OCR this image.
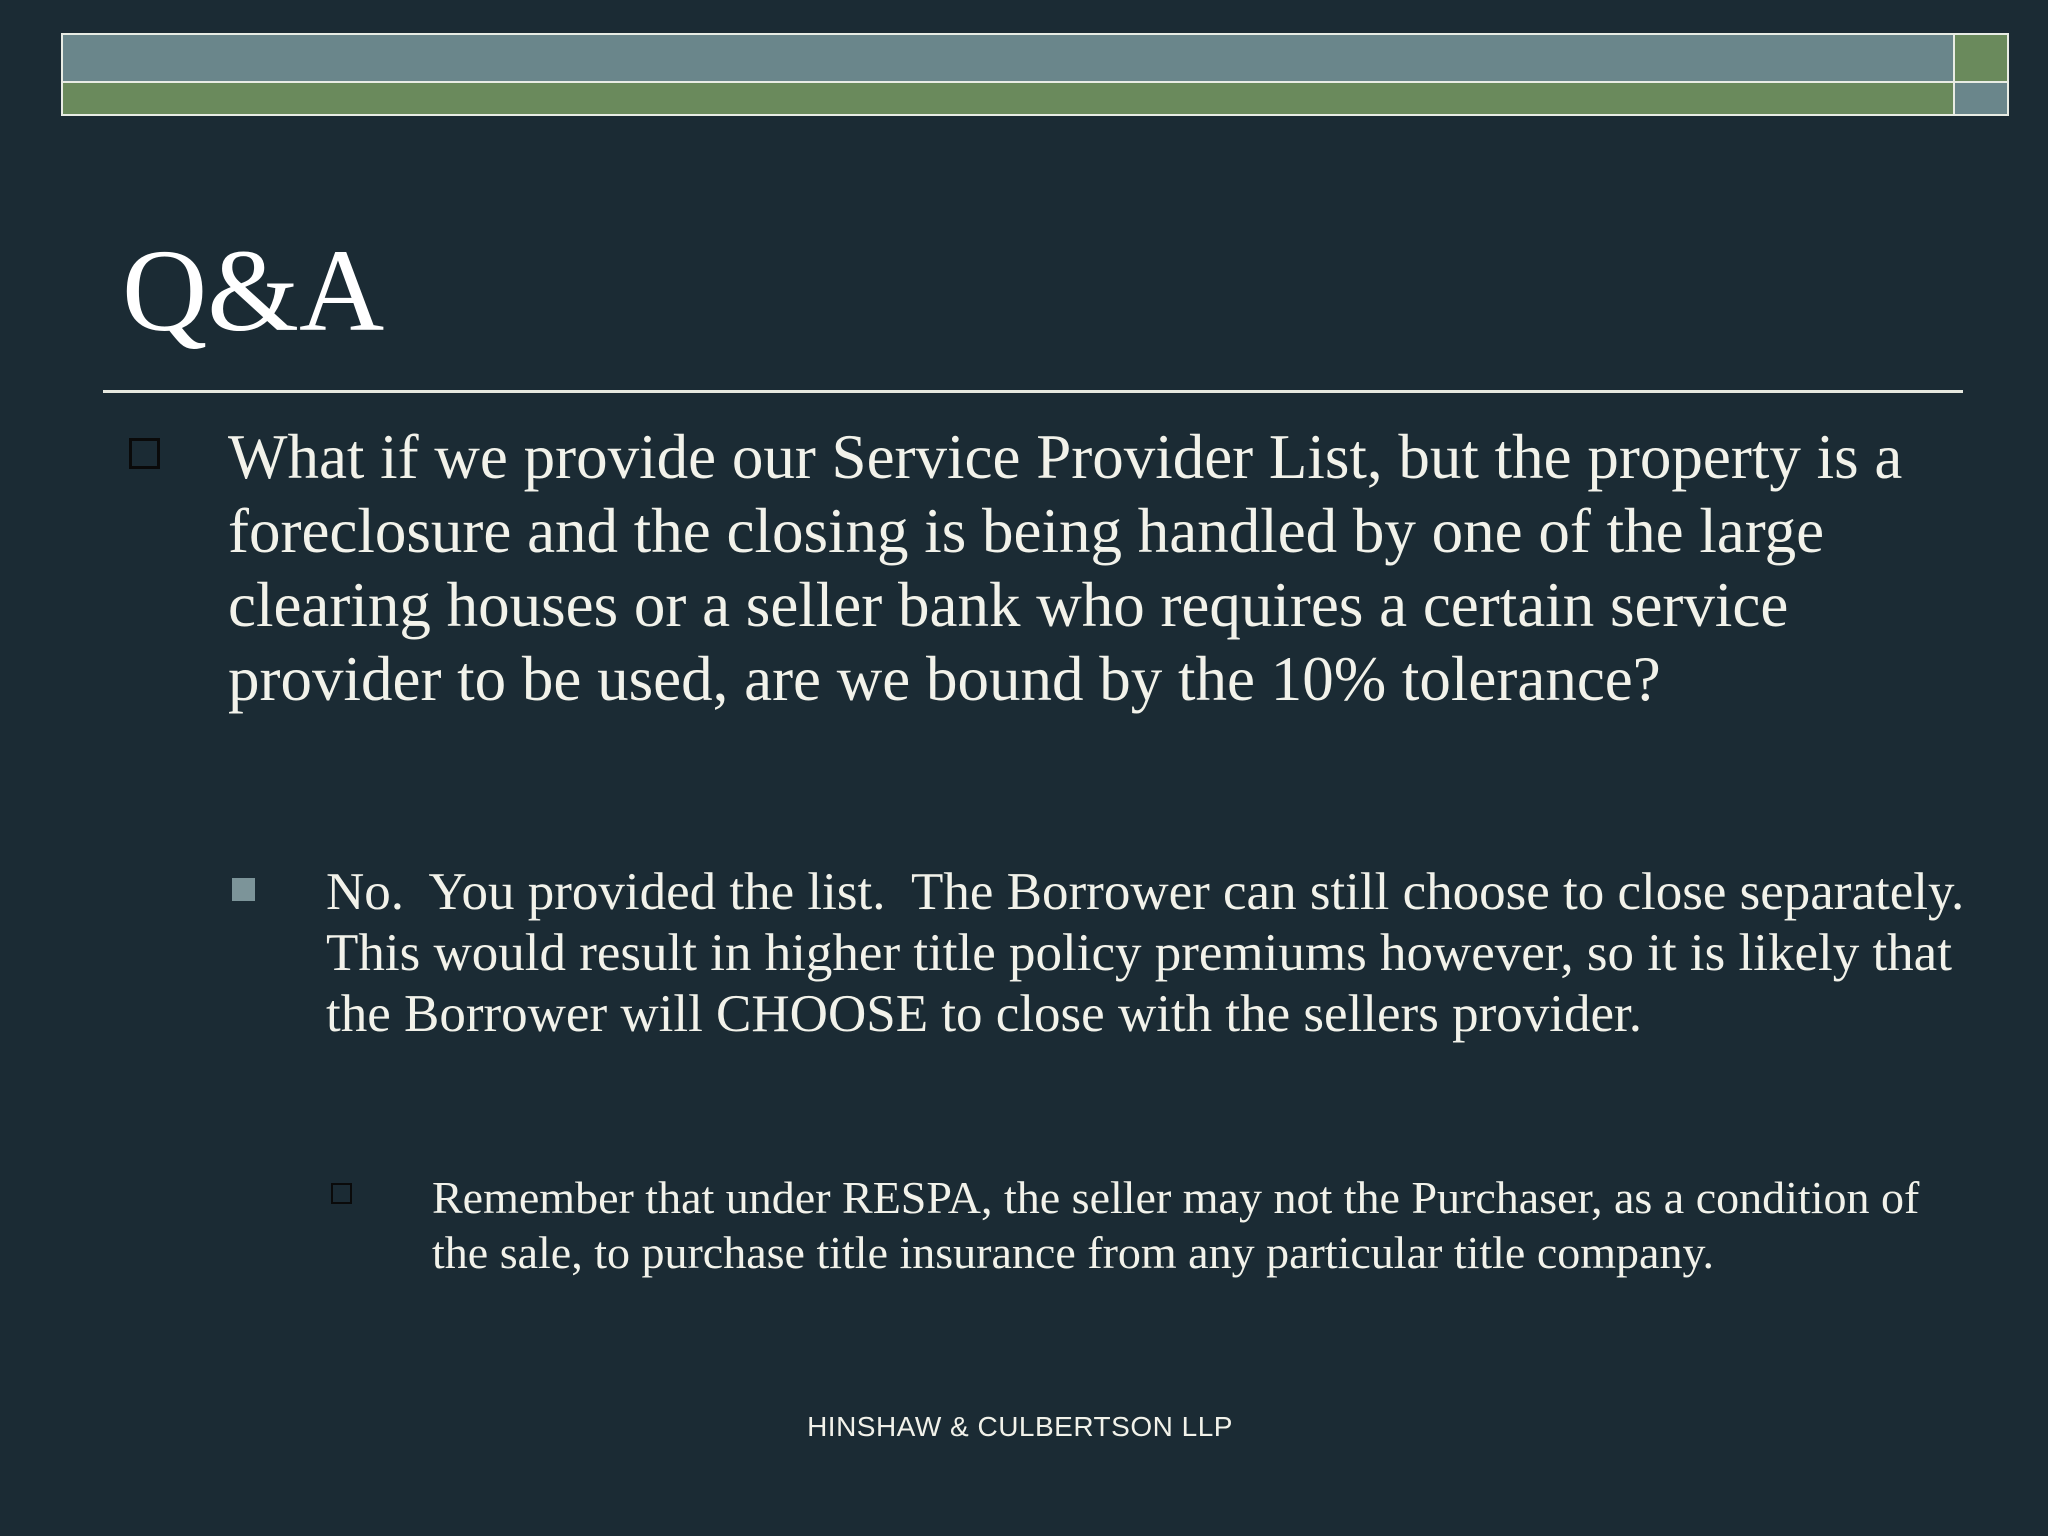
Q&A

What if we provide our Service Provider List, but the property is a foreclosure and the closing is being handled by one of the large clearing houses or a seller bank who requires a certain service provider to be used, are we bound by the 10% tolerance?

No.  You provided the list.  The Borrower can still choose to close separately.  This would result in higher title policy premiums however, so it is likely that the Borrower will CHOOSE to close with the sellers provider.

Remember that under RESPA, the seller may not the Purchaser, as a condition of the sale, to purchase title insurance from any particular title company.

HINSHAW & CULBERTSON LLP
